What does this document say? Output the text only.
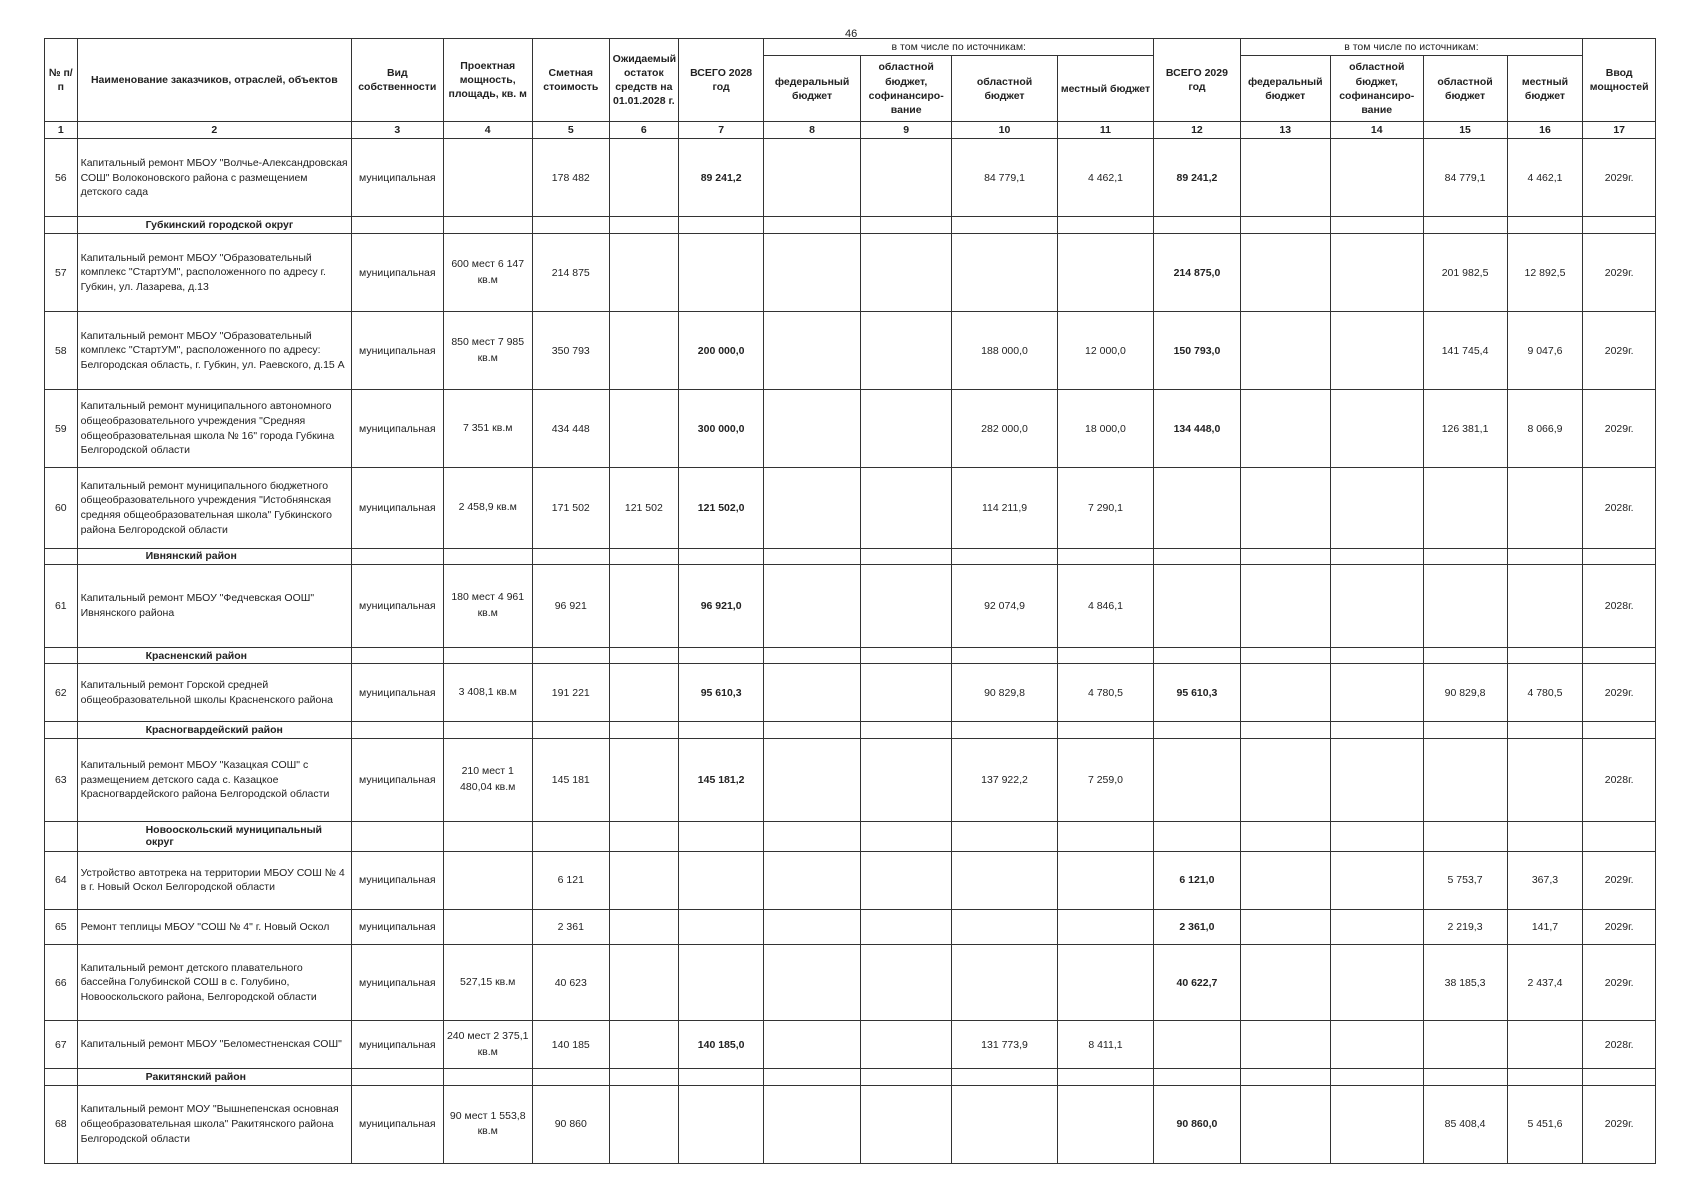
46
№ п/п	Наименование заказчиков, отраслей, объектов	Вид собственности	Проектная мощность, площадь, кв. м	Сметная стоимость	Ожидаемый остаток средств на 01.01.2028 г.	ВСЕГО 2028 год	в том числе по источникам:				ВСЕГО 2029 год	в том числе по источникам:				Ввод мощностей
							федеральный бюджет	областной бюджет, софинансиро-вание	областной бюджет	местный бюджет		федеральный бюджет	областной бюджет, софинансиро-вание	областной бюджет	местный бюджет	
1	2	3	4	5	6	7	8	9	10	11	12	13	14	15	16	17
56	Капитальный ремонт МБОУ "Волчье-Александровская СОШ" Волоконовского района с размещением детского сада	муниципальная		178 482		89 241,2			84 779,1	4 462,1	89 241,2			84 779,1	4 462,1	2029г.
	Губкинский городской округ															
57	Капитальный ремонт МБОУ "Образовательный комплекс "СтартУМ", расположенного по адресу г. Губкин, ул. Лазарева, д.13	муниципальная	600 мест 6 147 кв.м	214 875							214 875,0			201 982,5	12 892,5	2029г.
58	Капитальный ремонт МБОУ "Образовательный комплекс "СтартУМ", расположенного по адресу: Белгородская область, г. Губкин, ул. Раевского, д.15 А	муниципальная	850 мест 7 985 кв.м	350 793		200 000,0			188 000,0	12 000,0	150 793,0			141 745,4	9 047,6	2029г.
59	Капитальный ремонт муниципального автономного общеобразовательного учреждения "Средняя общеобразовательная школа № 16" города Губкина Белгородской области	муниципальная	7 351 кв.м	434 448		300 000,0			282 000,0	18 000,0	134 448,0			126 381,1	8 066,9	2029г.
60	Капитальный ремонт муниципального бюджетного общеобразовательного учреждения "Истобнянская средняя общеобразовательная школа" Губкинского района Белгородской области	муниципальная	2 458,9 кв.м	171 502	121 502	121 502,0			114 211,9	7 290,1						2028г.
	Ивнянский район															
61	Капитальный ремонт МБОУ "Федчевская ООШ" Ивнянского района	муниципальная	180 мест 4 961 кв.м	96 921		96 921,0			92 074,9	4 846,1						2028г.
	Красненский район															
62	Капитальный ремонт Горской средней общеобразовательной школы Красненского района	муниципальная	3 408,1 кв.м	191 221		95 610,3			90 829,8	4 780,5	95 610,3			90 829,8	4 780,5	2029г.
	Красногвардейский район															
63	Капитальный ремонт МБОУ "Казацкая СОШ" с размещением детского сада с. Казацкое Красногвардейского района Белгородской области	муниципальная	210 мест 1 480,04 кв.м	145 181		145 181,2			137 922,2	7 259,0						2028г.
	Новооскольский муниципальный округ															
64	Устройство автотрека на территории МБОУ СОШ № 4 в г. Новый Оскол Белгородской области	муниципальная		6 121							6 121,0			5 753,7	367,3	2029г.
65	Ремонт теплицы МБОУ "СОШ № 4" г. Новый Оскол	муниципальная		2 361							2 361,0			2 219,3	141,7	2029г.
66	Капитальный ремонт детского плавательного бассейна Голубинской СОШ в с. Голубино, Новооскольского района, Белгородской области	муниципальная	527,15 кв.м	40 623							40 622,7			38 185,3	2 437,4	2029г.
67	Капитальный ремонт МБОУ "Беломестненская СОШ"	муниципальная	240 мест 2 375,1 кв.м	140 185		140 185,0			131 773,9	8 411,1						2028г.
	Ракитянский район															
68	Капитальный ремонт МОУ "Вышнепенская основная общеобразовательная школа" Ракитянского района Белгородской области	муниципальная	90 мест 1 553,8 кв.м	90 860							90 860,0			85 408,4	5 451,6	2029г.
